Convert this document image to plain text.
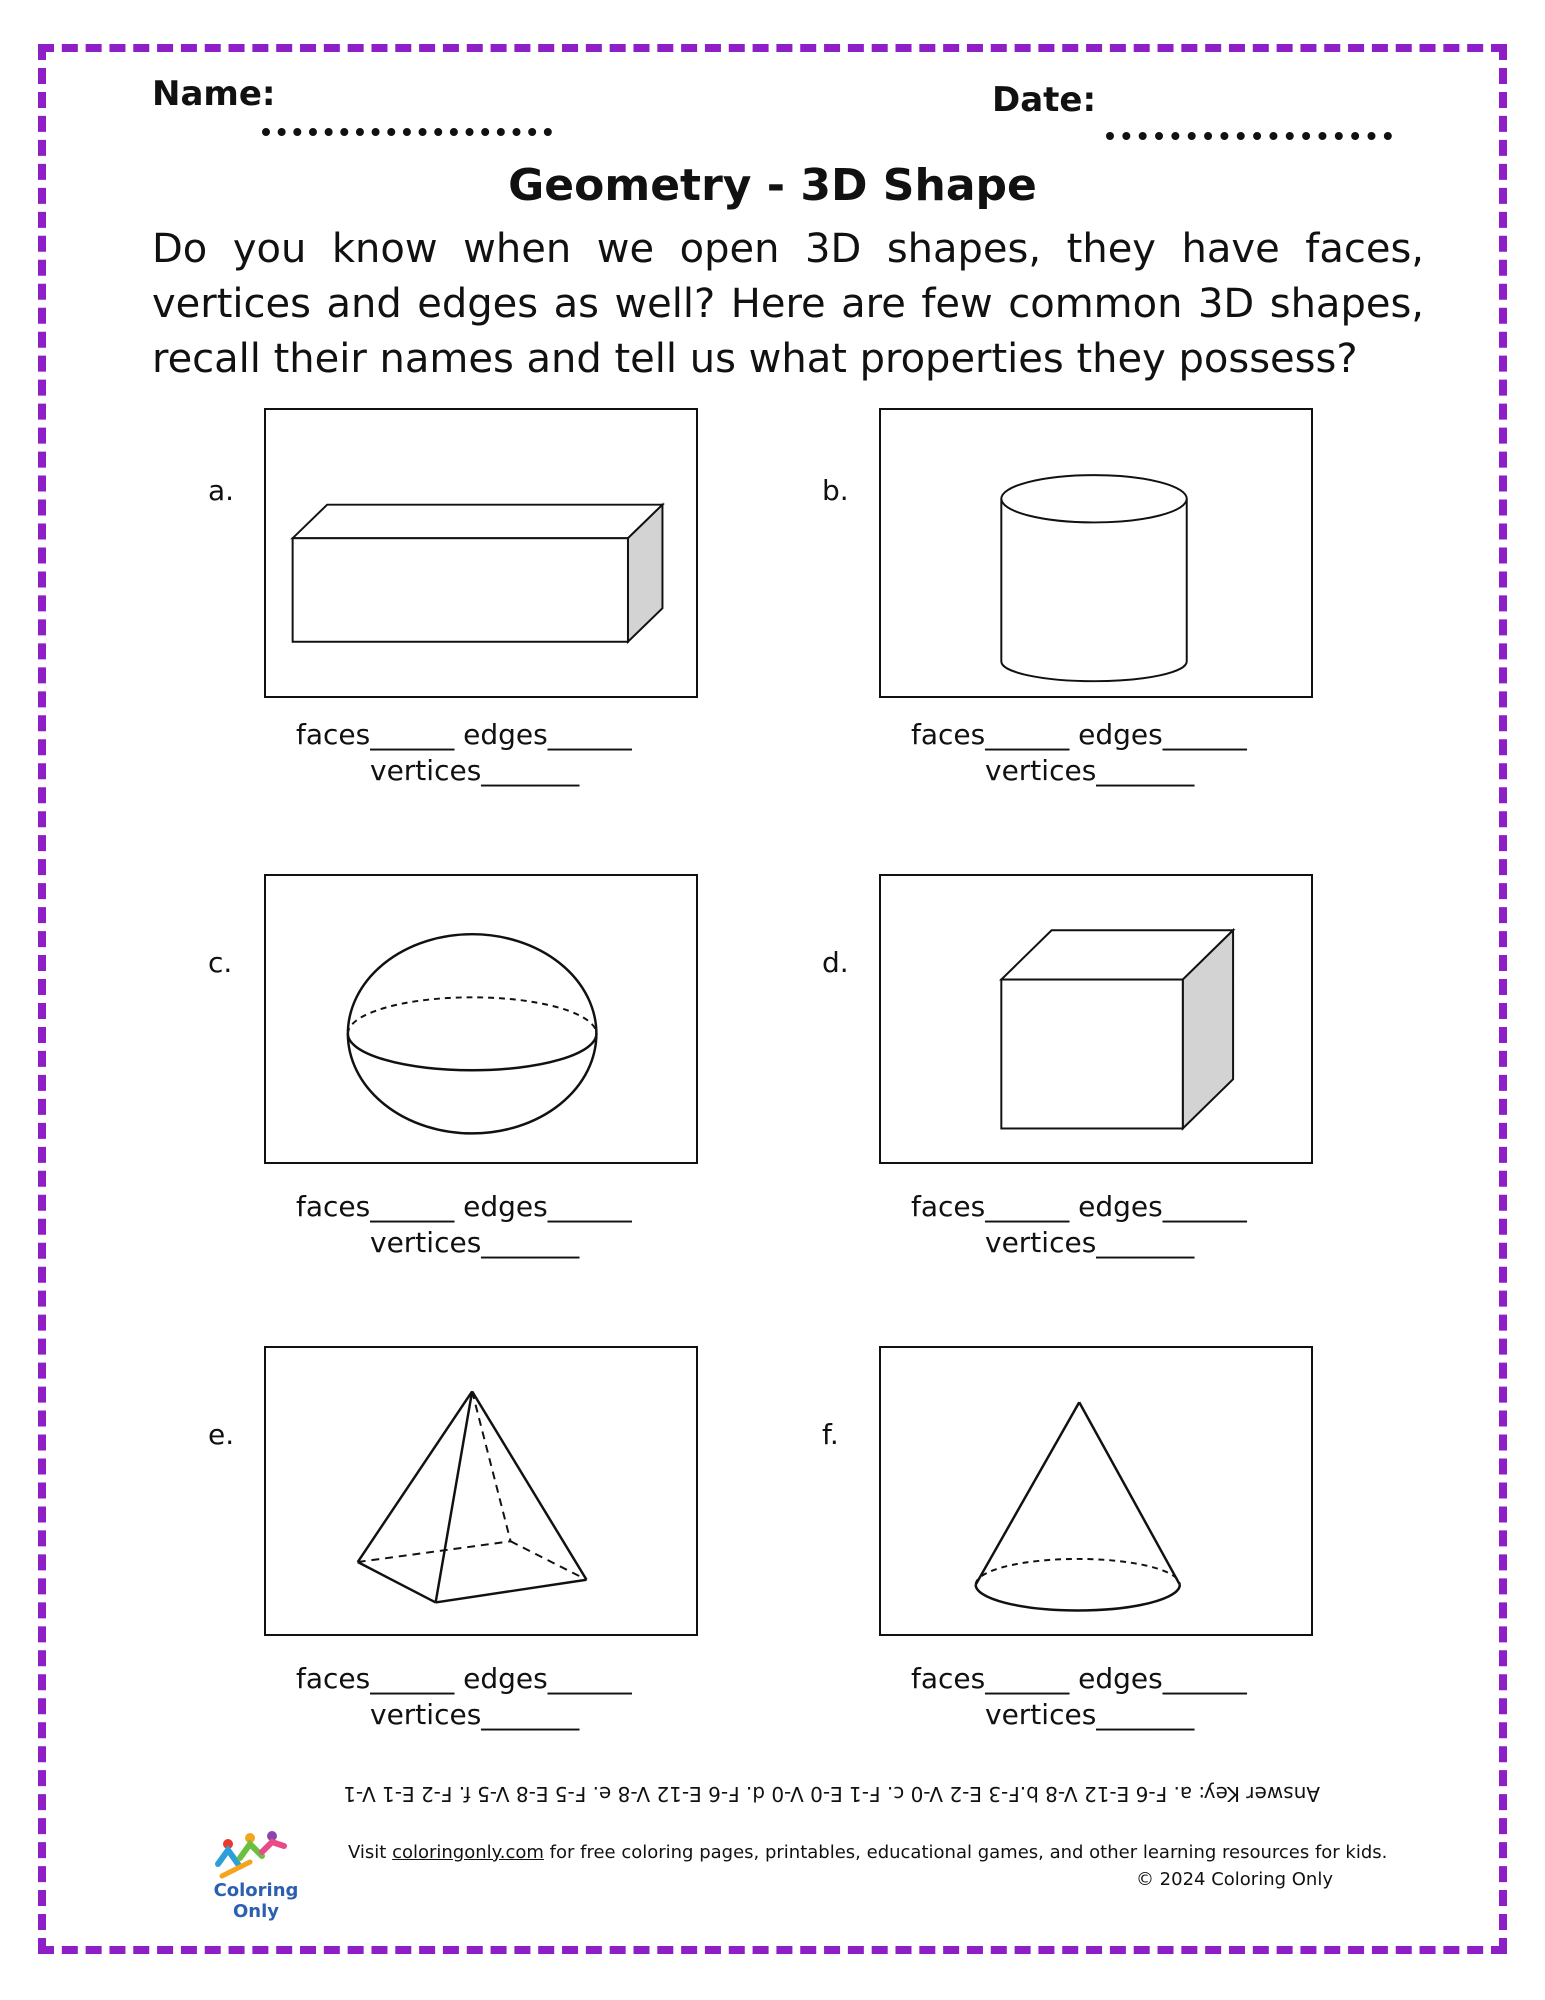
Name:	Date:
Geometry - 3D Shape
Do you know when we open 3D shapes, they have faces, vertices and edges as well? Here are few common 3D shapes, recall their names and tell us what properties they possess?
a.
faces______ edges______
vertices_______
b.
faces______ edges______
vertices_______
c.
faces______ edges______
vertices_______
d.
faces______ edges______
vertices_______
e.
faces______ edges______
vertices_______
f.
faces______ edges______
vertices_______
Answer Key: a. F-6 E-12 V-8 b.F-3 E-2 V-0 c. F-1 E-0 V-0 d. F-6 E-12 V-8 e. F-5 E-8 V-5 f. F-2 E-1 V-1
Coloring Only
Visit coloringonly.com for free coloring pages, printables, educational games, and other learning resources for kids.
© 2024 Coloring Only
